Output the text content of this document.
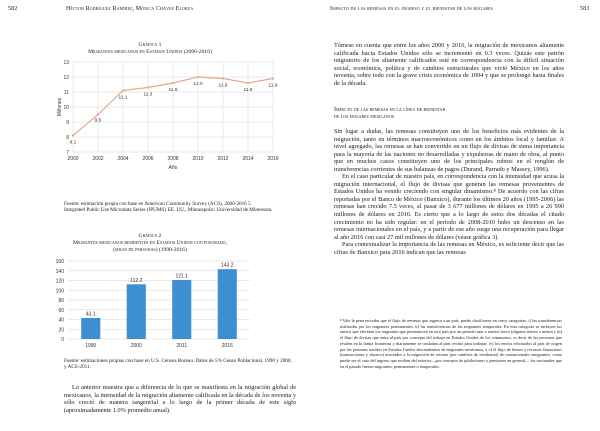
582	Héctor Rodríguez Ramírez, Mónica Chávez Elorza
Gráfica 1
Migrantes mexicanos en Estados Unidos (2000-2016)
7
8
9
10
11
12
13
2000	2002	2004	2006	2008	2010	2012	2014	2016
Año
Millones
8.1
9.5
11.1
11.3
11.6
12.0	11.9
11.6
11.9
Fuente: estimación propia con base en American Community Survey (ACS), 2000-2016 5
Integrated Public Use Microdata Series (IPUMS) EE. UU., Minneapolis: Universidad de Minnesota.
Gráfica 2
Migrantes mexicanos residentes en Estados Unidos con posgrado,
(miles de personas) (1990-2016)
0
20
40
60
80
100
120
140
160
43.1
1990
112.2
2000
121.1
2011
143.2
2016
Fuente: estimaciones propias con base en U.S. Census Bureau. Datos de 5% Censo Poblacional, 1990 y 2000, y ACS-2011.

Lo anterior muestra que a diferencia de lo que se manifiesta en la migración global de mexicanos, la intensidad de la migración altamente calificada en la década de los noventa y sólo creció de manera tangencial a lo largo de la primer década de este siglo (aproximadamente 1.0% promedio anual).

Impacto de las remesas en el ingreso y el bienestar de los hogares	583

Tómese en cuenta que entre los años 2000 y 2016, la migración de mexicanos altamente calificada hacia Estados Unidos sólo se incrementó en 0.3 veces. Quizás este patrón migratorio de los altamente calificados esté en correspondencia con la difícil situación social, económica, política y de cambios estructurales que vivió México en los años noventa, sobre todo con la grave crisis económica de 1994 y que se prolongó hasta finales de la década.

Impacto de las remesas en la línea de bienestar
de los hogares mexicanos

Sin lugar a dudas, las remesas constituyen uno de los beneficios más evidentes de la migración, tanto en términos macroeconómicos como en los ámbitos local y familiar. A nivel agregado, las remesas se han convertido en un flujo de divisas de suma importancia para la mayoría de las naciones no desarrolladas y expulsoras de mano de obra, al punto que en muchos casos constituyen uno de los principales rubros en el renglón de transferencias corrientes de sus balanzas de pagos (Durand, Parrado y Massey, 1996).

En el caso particular de nuestro país, en correspondencia con la intensidad que acusa la migración internacional, el flujo de divisas que generan las remesas provenientes de Estados Unidos ha venido creciendo con singular dinamismo.⁸ De acuerdo con las cifras reportadas por el Banco de México (Banxico), durante los últimos 20 años (1995-2006) las remesas han crecido 7.5 veces, al pasar de 3 677 millones de dólares en 1995 a 26 990 millones de dólares en 2016. Es cierto que a lo largo de estos dos décadas el citado crecimiento no ha sido regular: en el periodo de 2008-2010 hubo un descenso en las remesas internacionales en el país, y a partir de ese año surge una recuperación para llegar al año 2016 con casi 27 mil millones de dólares (véase gráfica 3).

Para contextualizar la importancia de las remesas en México, es suficiente decir que las cifras de Banxico para 2016 indican que las remesas

⁸ Vale la pena recordar que el flujo de remesas que ingresa a un país, puede clasificarse en cinco categorías: i) las transferencias realizadas por los migrantes permanentes; ii) las transferencias de los migrantes temporales. En esta categoría se incluyen los envíos que efectúan los migrantes que permanecen en otro país por un período más o menos breve (algunos meses o menos); iii) el flujo de divisas que entra al país por concepto del trabajo en Estados Unidos de los commuters, es decir de las personas que residen en la franja fronteriza y diariamente se trasladan al país vecino para trabajar; iv) los envíos efectuados al país de origen por las personas nacidas en Estados Unidos descendientes de migrantes mexicanos, y v) el flujo de bienes y recursos financieros (transacciones y ahorros) asociados a la migración de retorno (por cambios de residencia) de connacionales emigrantes, como puede ser el caso del ingreso que reciben del exterior—por concepto de jubilaciones y pensiones en general— los nacionales que en el pasado fueron migrantes, permanentes o temporales.
